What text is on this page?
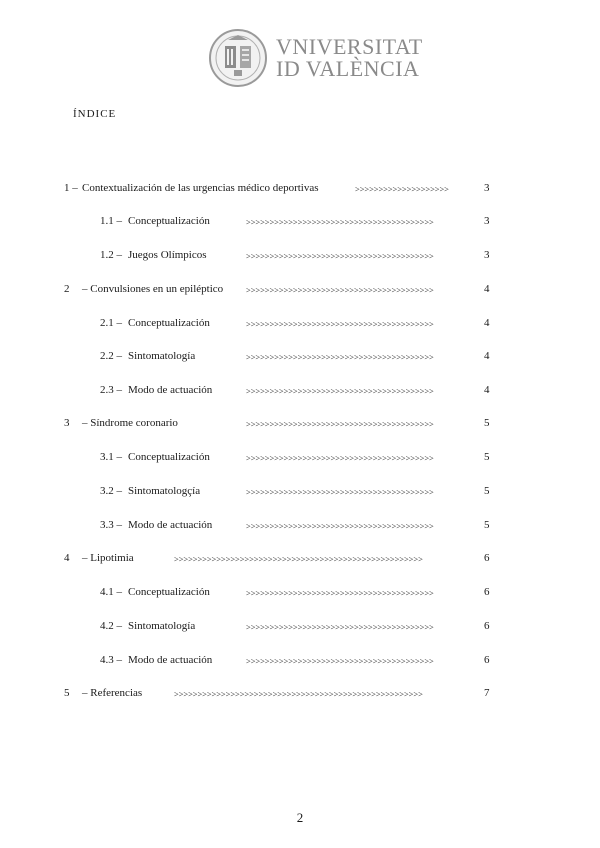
VNIVERSITAT
ID VALÈNCIA
ÍNDICE
1 – Contextualización de las urgencias médico deportivas	>>>>>>>>>>>>>>>>>>>>	3
1.1 – Conceptualización	>>>>>>>>>>>>>>>>>>>>>>>>>>>>>>>>>>>>>>>>	3
1.2 – Juegos Olímpicos	>>>>>>>>>>>>>>>>>>>>>>>>>>>>>>>>>>>>>>>>	3
2 – Convulsiones en un epiléptico	>>>>>>>>>>>>>>>>>>>>>>>>>>>>>>>>>>>>>>>>	4
2.1 – Conceptualización	>>>>>>>>>>>>>>>>>>>>>>>>>>>>>>>>>>>>>>>>	4
2.2 – Sintomatología	>>>>>>>>>>>>>>>>>>>>>>>>>>>>>>>>>>>>>>>>	4
2.3 – Modo de actuación	>>>>>>>>>>>>>>>>>>>>>>>>>>>>>>>>>>>>>>>>	4
3 – Síndrome coronario	>>>>>>>>>>>>>>>>>>>>>>>>>>>>>>>>>>>>>>>>	5
3.1 – Conceptualización	>>>>>>>>>>>>>>>>>>>>>>>>>>>>>>>>>>>>>>>>	5
3.2 – Sintomatologçía	>>>>>>>>>>>>>>>>>>>>>>>>>>>>>>>>>>>>>>>>	5
3.3 – Modo de actuación	>>>>>>>>>>>>>>>>>>>>>>>>>>>>>>>>>>>>>>>>	5
4 – Lipotimia	>>>>>>>>>>>>>>>>>>>>>>>>>>>>>>>>>>>>>>>>>>>>>>>>>>>>>	6
4.1 – Conceptualización	>>>>>>>>>>>>>>>>>>>>>>>>>>>>>>>>>>>>>>>>	6
4.2 – Sintomatología	>>>>>>>>>>>>>>>>>>>>>>>>>>>>>>>>>>>>>>>>	6
4.3 – Modo de actuación	>>>>>>>>>>>>>>>>>>>>>>>>>>>>>>>>>>>>>>>>	6
5 – Referencias	>>>>>>>>>>>>>>>>>>>>>>>>>>>>>>>>>>>>>>>>>>>>>>>>>>>>>	7
2
